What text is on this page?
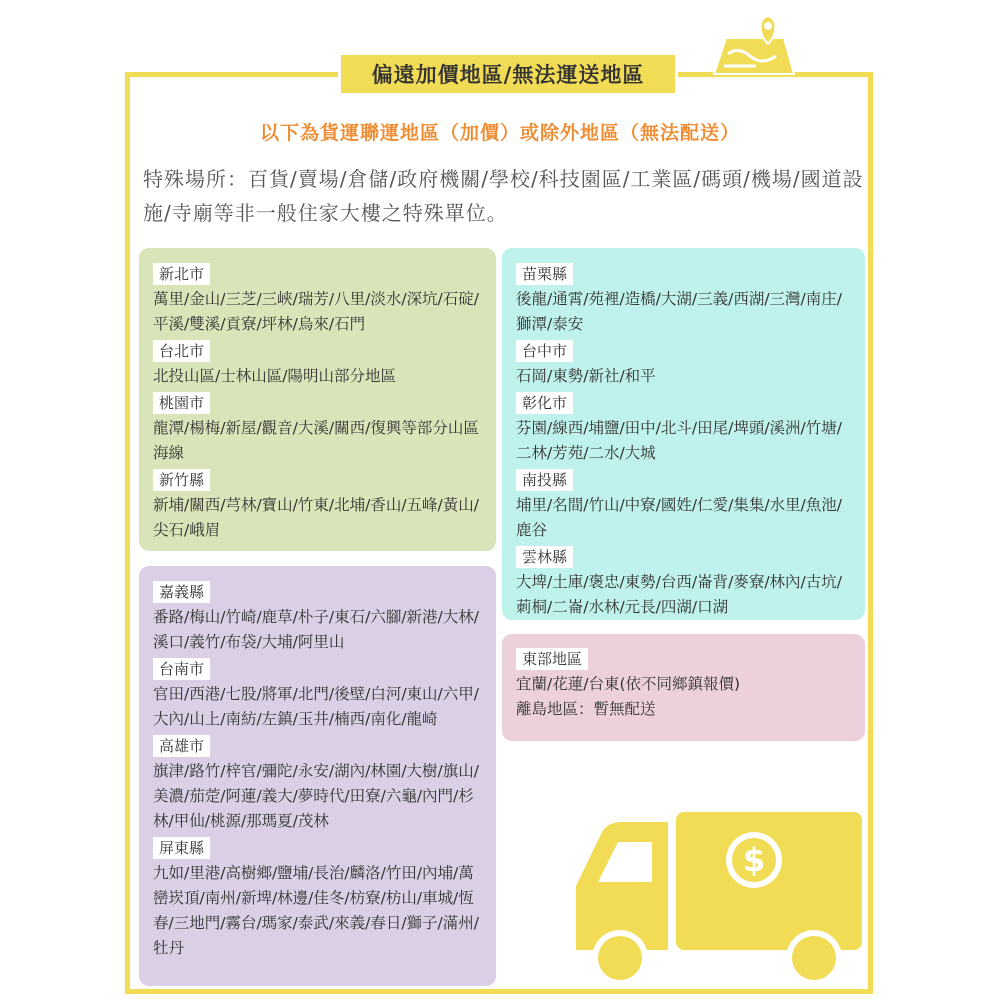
偏遠加價地區/無法運送地區
以下為貨運聯運地區（加價）或除外地區（無法配送）
特殊場所：百貨/賣場/倉儲/政府機關/學校/科技園區/工業區/碼頭/機場/國道設施/寺廟等非一般住家大樓之特殊單位。
新北市
萬里/金山/三芝/三峽/瑞芳/八里/淡水/深坑/石碇/平溪/雙溪/貢寮/坪林/烏來/石門
台北市
北投山區/士林山區/陽明山部分地區
桃園市
龍潭/楊梅/新屋/觀音/大溪/關西/復興等部分山區海線
新竹縣
新埔/關西/芎林/寶山/竹東/北埔/香山/五峰/黃山/尖石/峨眉
苗栗縣
後龍/通霄/苑裡/造橋/大湖/三義/西湖/三灣/南庄/獅潭/泰安
台中市
石岡/東勢/新社/和平
彰化市
芬園/線西/埔鹽/田中/北斗/田尾/埤頭/溪洲/竹塘/二林/芳苑/二水/大城
南投縣
埔里/名間/竹山/中寮/國姓/仁愛/集集/水里/魚池/鹿谷
雲林縣
大埤/土庫/褒忠/東勢/台西/崙背/麥寮/林內/古坑/莿桐/二崙/水林/元長/四湖/口湖
嘉義縣
番路/梅山/竹崎/鹿草/朴子/東石/六腳/新港/大林/溪口/義竹/布袋/大埔/阿里山
台南市
官田/西港/七股/將軍/北門/後壁/白河/東山/六甲/大內/山上/南紡/左鎮/玉井/楠西/南化/龍崎
高雄市
旗津/路竹/梓官/彌陀/永安/湖內/林園/大樹/旗山/美濃/茄萣/阿蓮/義大/夢時代/田寮/六龜/內門/杉林/甲仙/桃源/那瑪夏/茂林
屏東縣
九如/里港/高樹鄉/鹽埔/長治/麟洛/竹田/內埔/萬巒崁頂/南州/新埤/林邊/佳冬/枋寮/枋山/車城/恆春/三地門/霧台/瑪家/泰武/來義/春日/獅子/滿州/牡丹
東部地區
宜蘭/花蓮/台東(依不同鄉鎮報價)
離島地區：暫無配送
$
